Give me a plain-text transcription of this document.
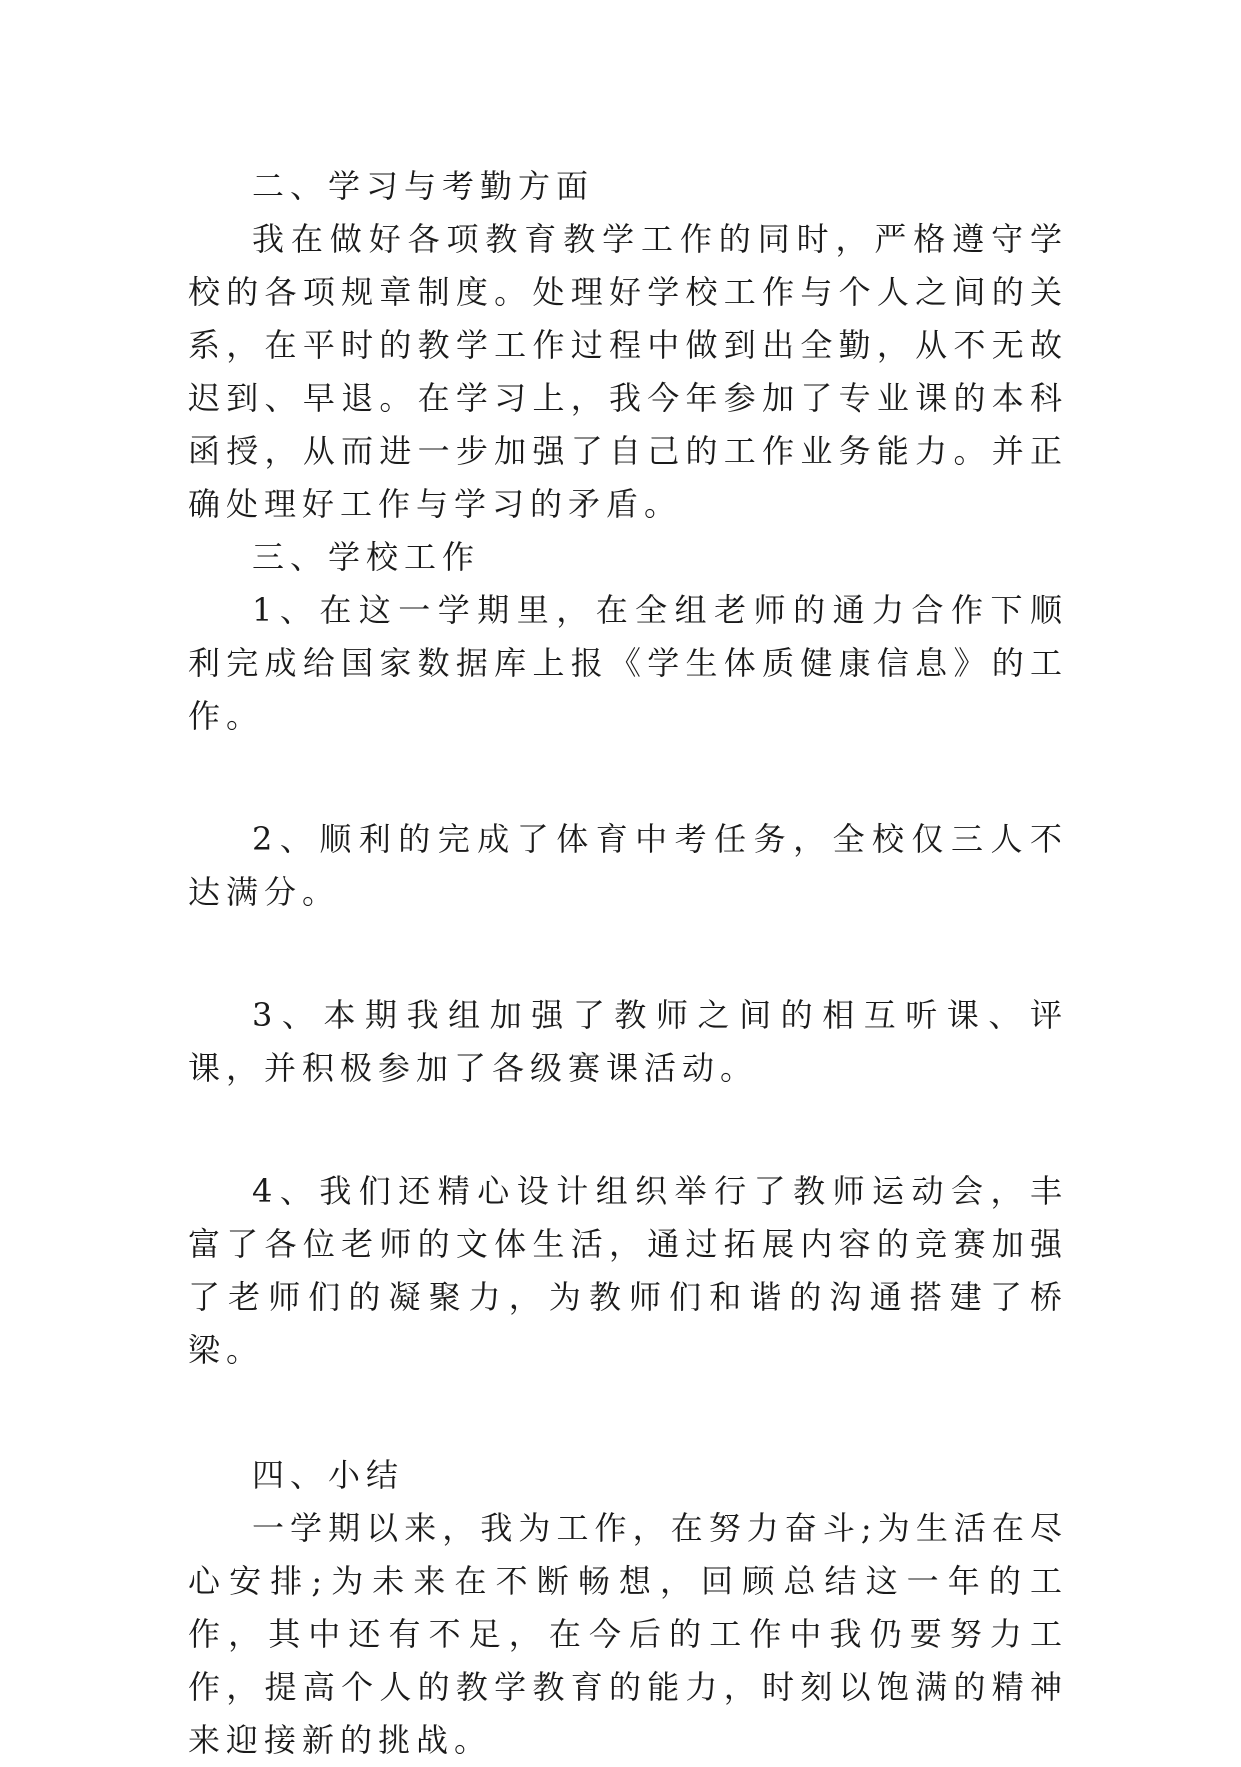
二、学习与考勤方面

我在做好各项教育教学工作的同时，严格遵守学校的各项规章制度。处理好学校工作与个人之间的关系，在平时的教学工作过程中做到出全勤，从不无故迟到、早退。在学习上，我今年参加了专业课的本科函授，从而进一步加强了自己的工作业务能力。并正确处理好工作与学习的矛盾。

三、学校工作

1、在这一学期里，在全组老师的通力合作下顺利完成给国家数据库上报《学生体质健康信息》的工作。

2、顺利的完成了体育中考任务，全校仅三人不达满分。

3、本期我组加强了教师之间的相互听课、评课，并积极参加了各级赛课活动。

4、我们还精心设计组织举行了教师运动会，丰富了各位老师的文体生活，通过拓展内容的竞赛加强了老师们的凝聚力，为教师们和谐的沟通搭建了桥梁。

四、小结

一学期以来，我为工作，在努力奋斗;为生活在尽心安排;为未来在不断畅想，回顾总结这一年的工作，其中还有不足，在今后的工作中我仍要努力工作，提高个人的教学教育的能力，时刻以饱满的精神来迎接新的挑战。
